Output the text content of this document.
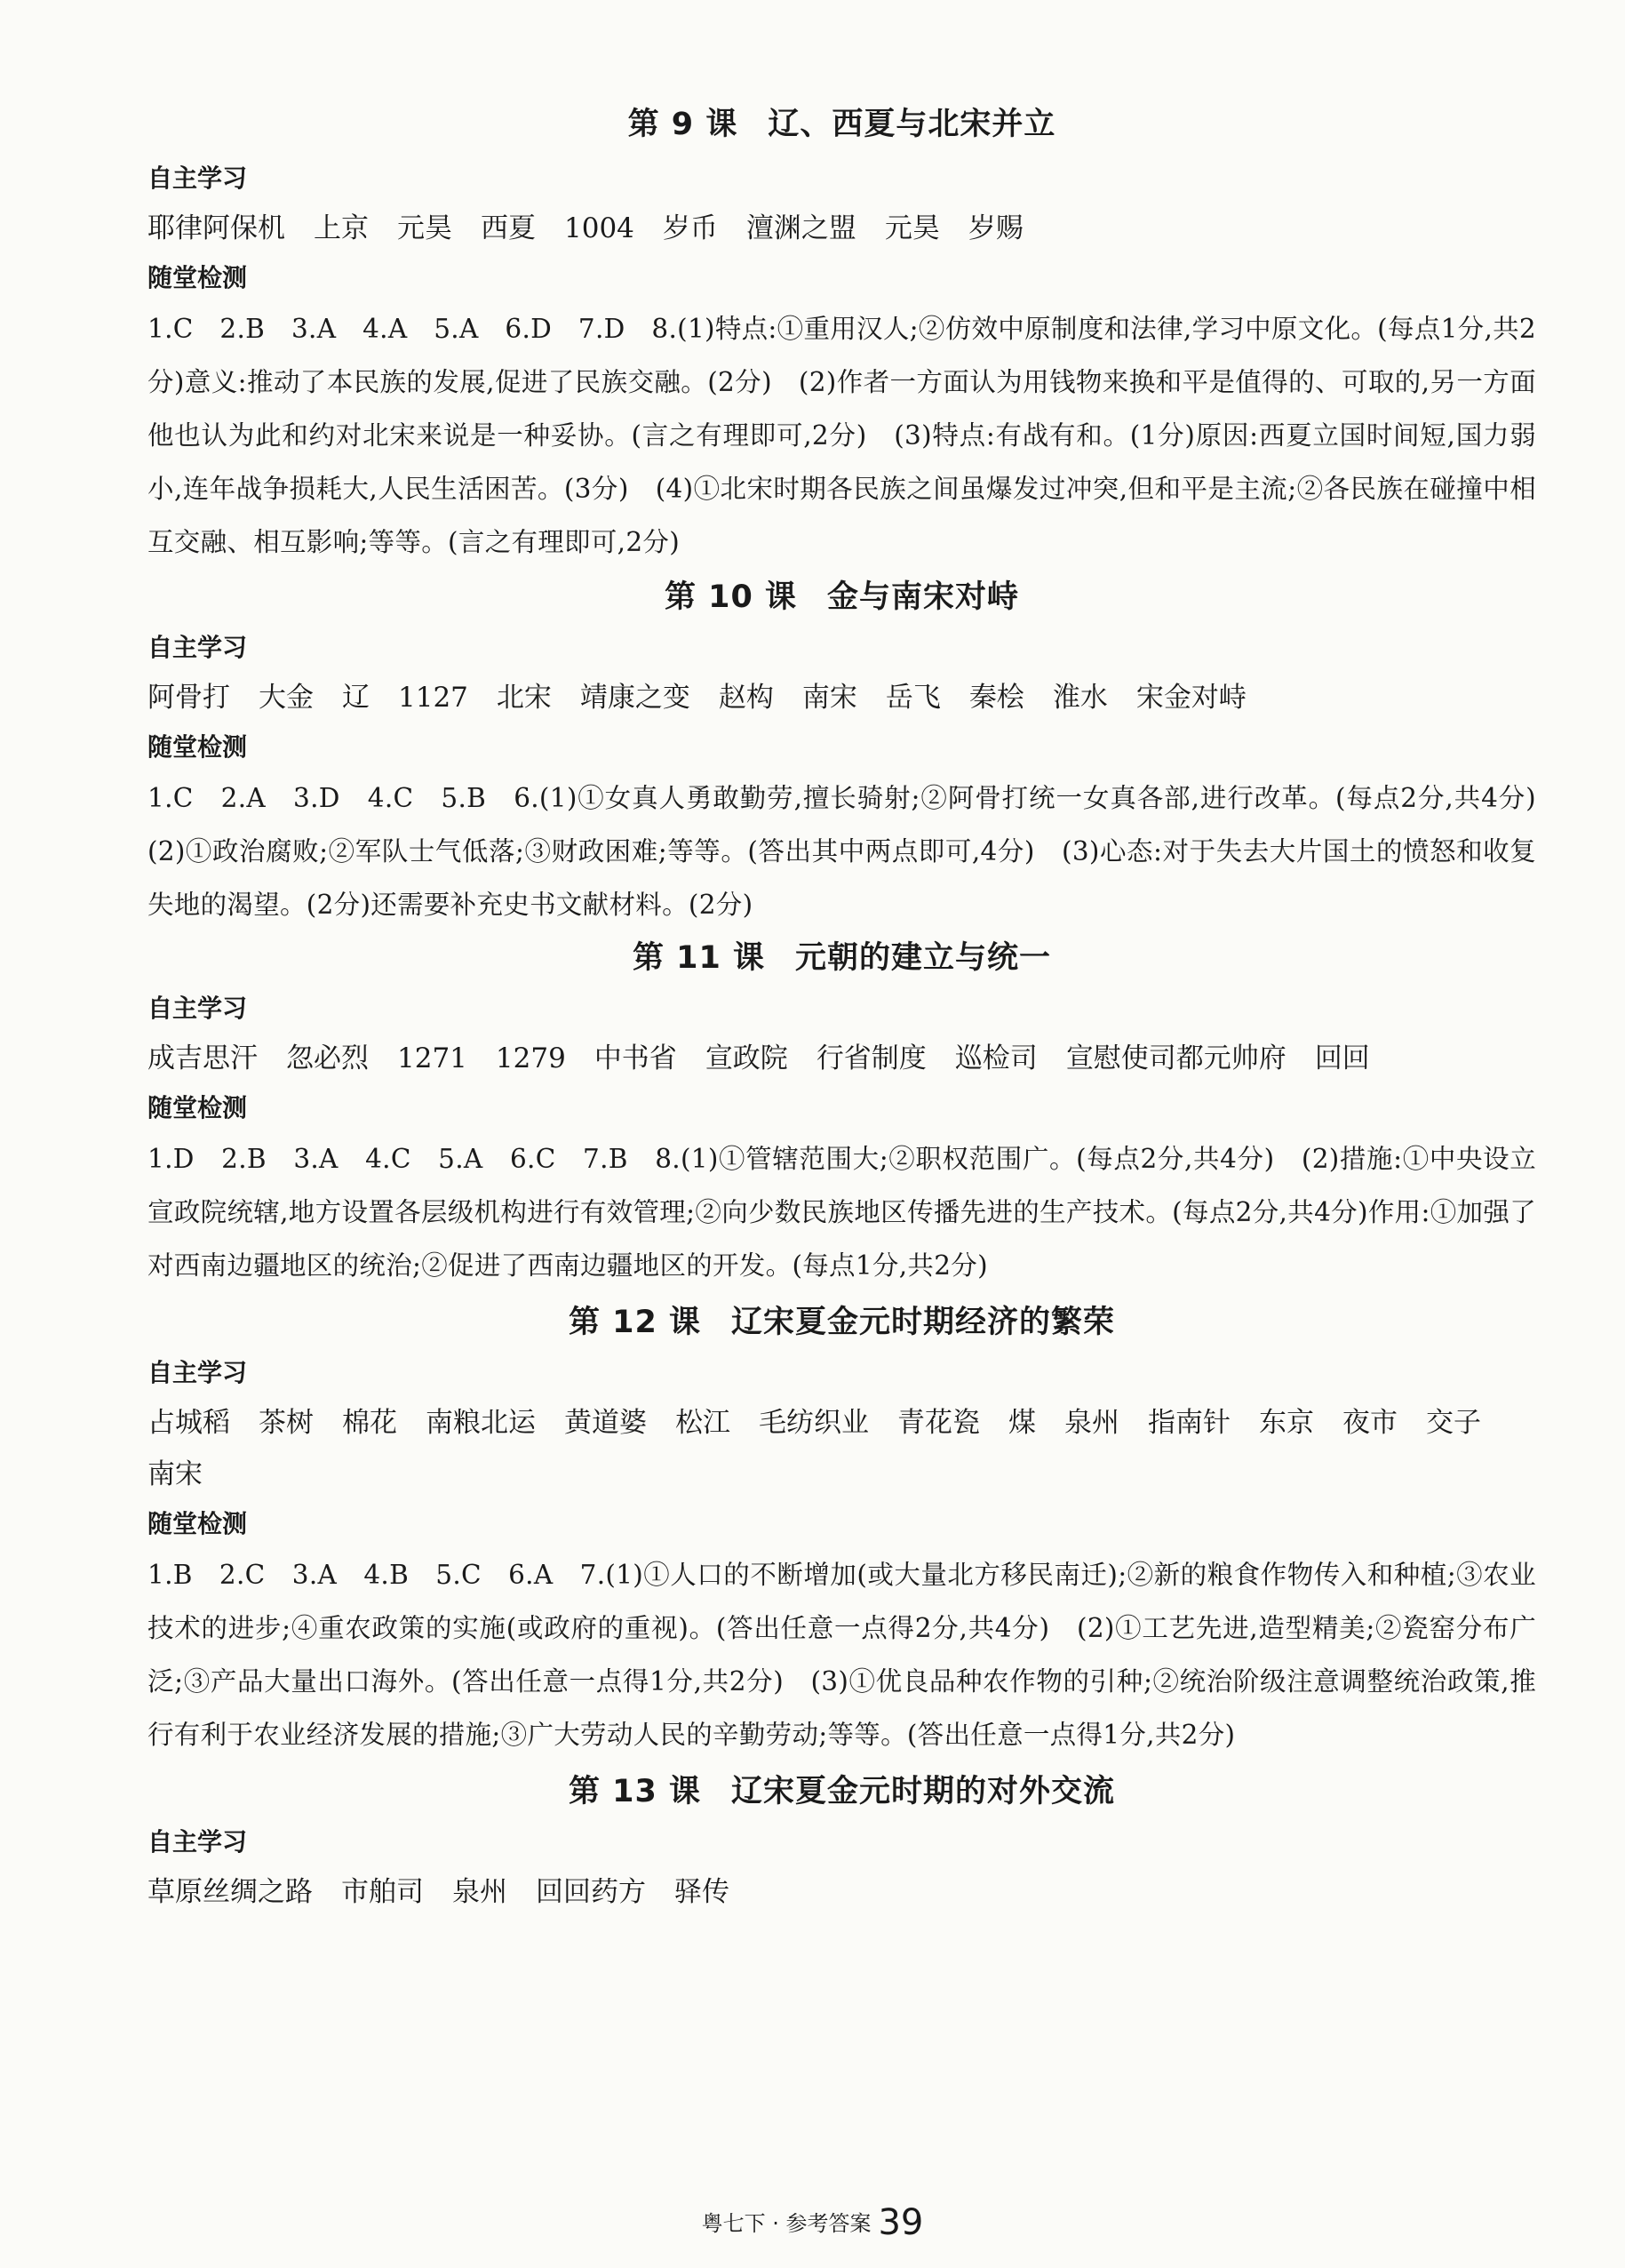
第 9 课 辽、西夏与北宋并立

自主学习

耶律阿保机 上京 元昊 西夏 1004 岁币 澶渊之盟 元昊 岁赐

随堂检测

1.C　2.B　3.A　4.A　5.A　6.D　7.D　8.(1)特点:①重用汉人;②仿效中原制度和法律,学习中原文化。(每点1分,共2分)意义:推动了本民族的发展,促进了民族交融。(2分)　(2)作者一方面认为用钱物来换和平是值得的、可取的,另一方面他也认为此和约对北宋来说是一种妥协。(言之有理即可,2分)　(3)特点:有战有和。(1分)原因:西夏立国时间短,国力弱小,连年战争损耗大,人民生活困苦。(3分)　(4)①北宋时期各民族之间虽爆发过冲突,但和平是主流;②各民族在碰撞中相互交融、相互影响;等等。(言之有理即可,2分)

第 10 课 金与南宋对峙

自主学习

阿骨打 大金 辽 1127 北宋 靖康之变 赵构 南宋 岳飞 秦桧 淮水 宋金对峙

随堂检测

1.C　2.A　3.D　4.C　5.B　6.(1)①女真人勇敢勤劳,擅长骑射;②阿骨打统一女真各部,进行改革。(每点2分,共4分)　(2)①政治腐败;②军队士气低落;③财政困难;等等。(答出其中两点即可,4分)　(3)心态:对于失去大片国土的愤怒和收复失地的渴望。(2分)还需要补充史书文献材料。(2分)

第 11 课 元朝的建立与统一

自主学习

成吉思汗 忽必烈 1271 1279 中书省 宣政院 行省制度 巡检司 宣慰使司都元帅府 回回

随堂检测

1.D　2.B　3.A　4.C　5.A　6.C　7.B　8.(1)①管辖范围大;②职权范围广。(每点2分,共4分)　(2)措施:①中央设立宣政院统辖,地方设置各层级机构进行有效管理;②向少数民族地区传播先进的生产技术。(每点2分,共4分)作用:①加强了对西南边疆地区的统治;②促进了西南边疆地区的开发。(每点1分,共2分)

第 12 课 辽宋夏金元时期经济的繁荣

自主学习

占城稻 茶树 棉花 南粮北运 黄道婆 松江 毛纺织业 青花瓷 煤 泉州 指南针 东京 夜市 交子南宋

随堂检测

1.B　2.C　3.A　4.B　5.C　6.A　7.(1)①人口的不断增加(或大量北方移民南迁);②新的粮食作物传入和种植;③农业技术的进步;④重农政策的实施(或政府的重视)。(答出任意一点得2分,共4分)　(2)①工艺先进,造型精美;②瓷窑分布广泛;③产品大量出口海外。(答出任意一点得1分,共2分)　(3)①优良品种农作物的引种;②统治阶级注意调整统治政策,推行有利于农业经济发展的措施;③广大劳动人民的辛勤劳动;等等。(答出任意一点得1分,共2分)

第 13 课 辽宋夏金元时期的对外交流

自主学习

草原丝绸之路 市舶司 泉州 回回药方 驿传

粤七下 · 参考答案 39
